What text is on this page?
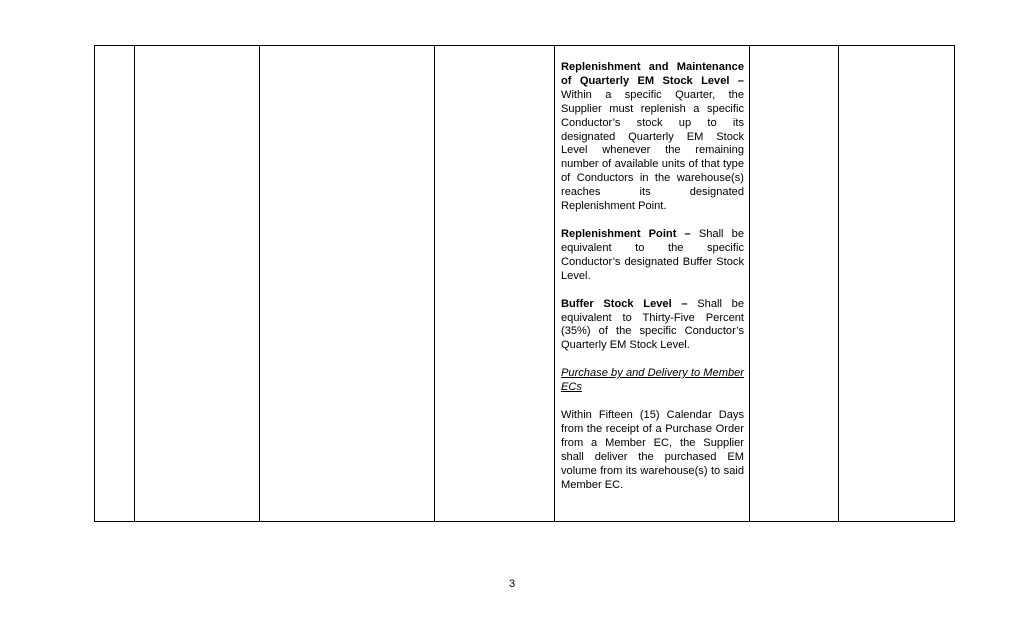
Replenishment and Maintenance of Quarterly EM Stock Level – Within a specific Quarter, the Supplier must replenish a specific Conductor’s stock up to its designated Quarterly EM Stock Level whenever the remaining number of available units of that type of Conductors in the warehouse(s) reaches its designated Replenishment Point.

Replenishment Point – Shall be equivalent to the specific Conductor’s designated Buffer Stock Level.

Buffer Stock Level – Shall be equivalent to Thirty-Five Percent (35%) of the specific Conductor’s Quarterly EM Stock Level.

Purchase by and Delivery to Member ECs

Within Fifteen (15) Calendar Days from the receipt of a Purchase Order from a Member EC, the Supplier shall deliver the purchased EM volume from its warehouse(s) to said Member EC.

3
